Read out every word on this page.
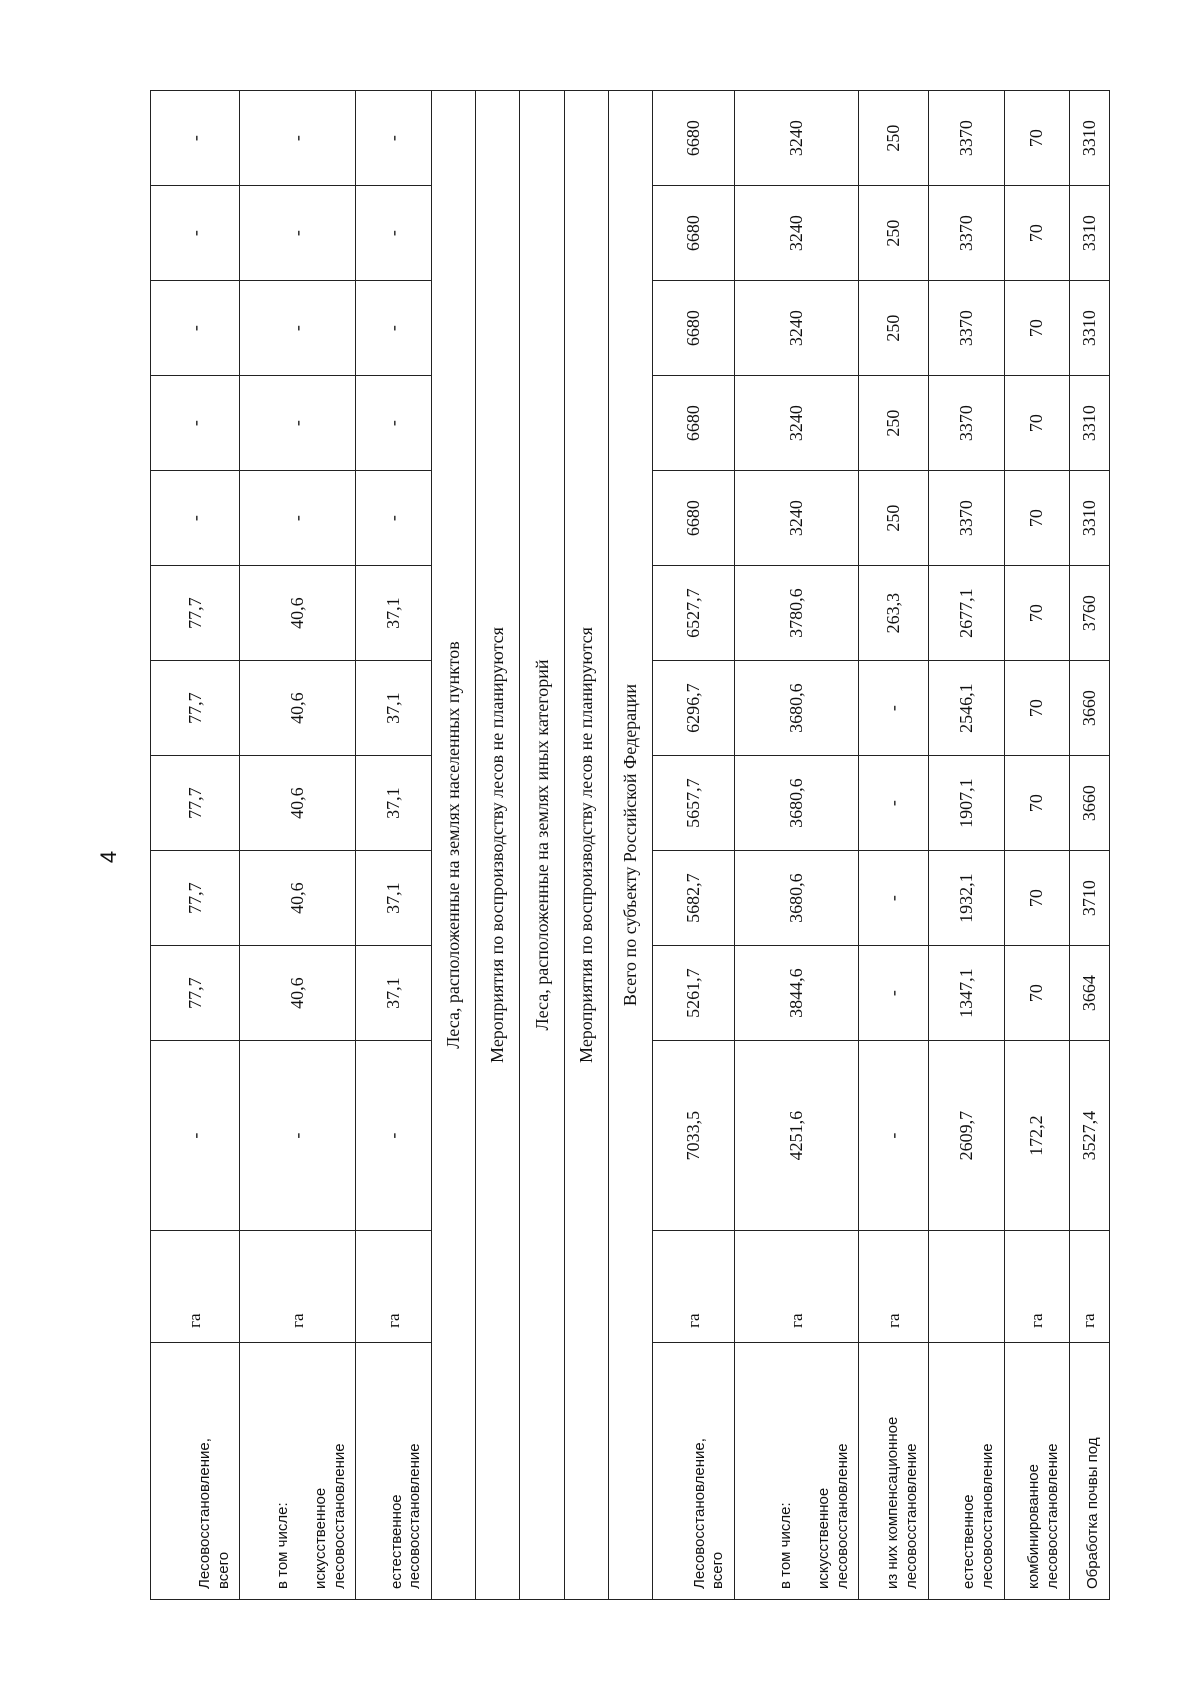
4
Лесовосстановление, всего	га	-	77,7	77,7	77,7	77,7	77,7	-	-	-	-	-

в том числе:
искусственное лесовосстановление	га	-	40,6	40,6	40,6	40,6	40,6	-	-	-	-	-

естественное лесовосстановление	га	-	37,1	37,1	37,1	37,1	37,1	-	-	-	-	-
Леса, расположенные на землях населенных пунктов												
Мероприятия по воспроизводству лесов не планируются												
Леса, расположенные на землях иных категорий												
Мероприятия по воспроизводству лесов не планируются												
Всего по субъекту Российской Федерации												

Лесовосстановление, всего	га	7033,5	5261,7	5682,7	5657,7	6296,7	6527,7	6680	6680	6680	6680	6680

в том числе:
искусственное лесовосстановление	га	4251,6	3844,6	3680,6	3680,6	3680,6	3780,6	3240	3240	3240	3240	3240

из них компенсационное лесовосстановление	га	-	-	-	-	-	263,3	250	250	250	250	250

естественное лесовосстановление		2609,7	1347,1	1932,1	1907,1	2546,1	2677,1	3370	3370	3370	3370	3370

комбинированное лесовосстановление	га	172,2	70	70	70	70	70	70	70	70	70	70

Обработка почвы под	га	3527,4	3664	3710	3660	3660	3760	3310	3310	3310	3310	3310
